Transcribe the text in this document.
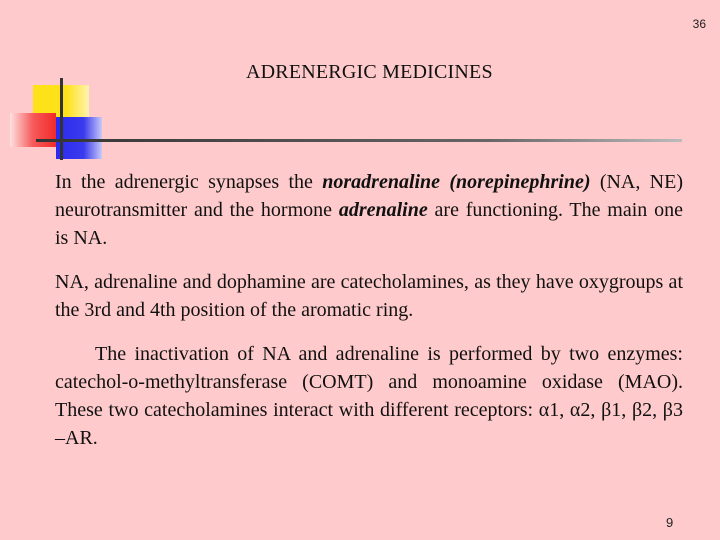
36
ADRENERGIC MEDICINES

In the adrenergic synapses the noradrenaline (norepinephrine) (NA, NE) neurotransmitter and the hormone adrenaline are functioning. The main one is NA.

NA, adrenaline and dophamine are catecholamines, as they have oxygroups at the 3rd and 4th position of the aromatic ring.

The inactivation of NA and adrenaline is performed by two enzymes: catechol-o-methyltransferase (COMT) and monoamine oxidase (MAO). These two catecholamines interact with different receptors: α1, α2, β1, β2, β3 –AR.

9
